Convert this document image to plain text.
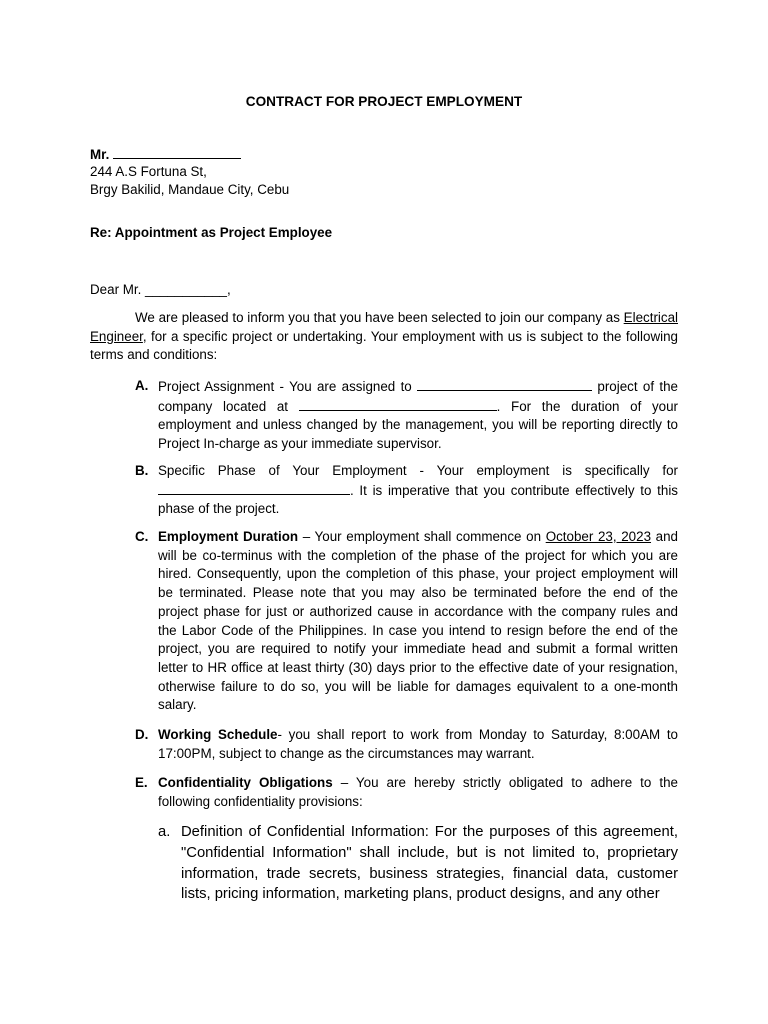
CONTRACT FOR PROJECT EMPLOYMENT
Mr.
244 A.S Fortuna St,
Brgy Bakilid, Mandaue City, Cebu
Re: Appointment as Project Employee
Dear Mr. ___________,
We are pleased to inform you that you have been selected to join our company as Electrical Engineer, for a specific project or undertaking. Your employment with us is subject to the following terms and conditions:
A. Project Assignment - You are assigned to	project of the company located at	. For the duration of your employment and unless changed by the management, you will be reporting directly to Project In-charge as your immediate supervisor.
B. Specific Phase of Your Employment - Your employment is specifically for . It is imperative that you contribute effectively to this phase of the project.
C. Employment Duration – Your employment shall commence on October 23, 2023 and will be co-terminus with the completion of the phase of the project for which you are hired. Consequently, upon the completion of this phase, your project employment will be terminated. Please note that you may also be terminated before the end of the project phase for just or authorized cause in accordance with the company rules and the Labor Code of the Philippines. In case you intend to resign before the end of the project, you are required to notify your immediate head and submit a formal written letter to HR office at least thirty (30) days prior to the effective date of your resignation, otherwise failure to do so, you will be liable for damages equivalent to a one-month salary.
D. Working Schedule- you shall report to work from Monday to Saturday, 8:00AM to 17:00PM, subject to change as the circumstances may warrant.
E. Confidentiality Obligations – You are hereby strictly obligated to adhere to the following confidentiality provisions:
a. Definition of Confidential Information: For the purposes of this agreement, "Confidential Information" shall include, but is not limited to, proprietary information, trade secrets, business strategies, financial data, customer lists, pricing information, marketing plans, product designs, and any other
